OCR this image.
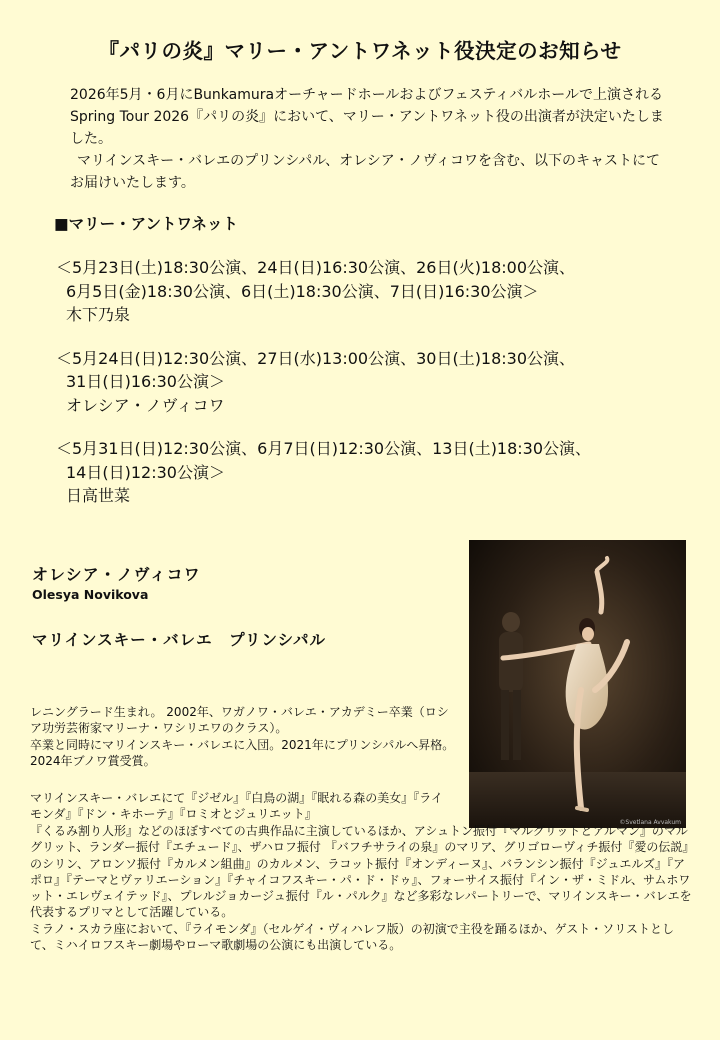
『パリの炎』マリー・アントワネット役決定のお知らせ

2026年5月・6月にBunkamuraオーチャードホールおよびフェスティバルホールで上演されるSpring Tour 2026『パリの炎』において、マリー・アントワネット役の出演者が決定いたしました。

マリインスキー・バレエのプリンシパル、オレシア・ノヴィコワを含む、以下のキャストにてお届けいたします。

■マリー・アントワネット
＜5月23日(土)18:30公演、24日(日)16:30公演、26日(火)18:00公演、
6月5日(金)18:30公演、6日(土)18:30公演、7日(日)16:30公演＞
木下乃泉
＜5月24日(日)12:30公演、27日(水)13:00公演、30日(土)18:30公演、
31日(日)16:30公演＞
オレシア・ノヴィコワ
＜5月31日(日)12:30公演、6月7日(日)12:30公演、13日(土)18:30公演、
14日(日)12:30公演＞
日高世菜
オレシア・ノヴィコワ
Olesya Novikova
マリインスキー・バレエ　プリンシパル
©Svetlana Avvakum

レニングラード生まれ。 2002年、ワガノワ・バレエ・アカデミー卒業（ロシア功労芸術家マリーナ・ワシリエワのクラス）。

卒業と同時にマリインスキー・バレエに入団。2021年にプリンシパルへ昇格。2024年ブノワ賞受賞。

マリインスキー・バレエにて『ジゼル』『白鳥の湖』『眠れる森の美女』『ライモンダ』『ドン・キホーテ』『ロミオとジュリエット』

『くるみ割り人形』などのほぼすべての古典作品に主演しているほか、アシュトン振付『マルグリットとアルマン』のマルグリット、ランダー振付『エチュード』、ザハロフ振付 『バフチサライの泉』のマリア、グリゴローヴィチ振付『愛の伝説』のシリン、アロンソ振付『カルメン組曲』のカルメン、ラコット振付『オンディーヌ』、バランシン振付『ジュエルズ』『アポロ』『テーマとヴァリエーション』『チャイコフスキー・パ・ド・ドゥ』、フォーサイス振付『イン・ザ・ミドル、サムホワット・エレヴェイテッド』、プレルジョカージュ振付『ル・パルク』など多彩なレパートリーで、マリインスキー・バレエを代表するプリマとして活躍している。

ミラノ・スカラ座において、『ライモンダ』（セルゲイ・ヴィハレフ版）の初演で主役を踊るほか、ゲスト・ソリストとして、ミハイロフスキー劇場やローマ歌劇場の公演にも出演している。
